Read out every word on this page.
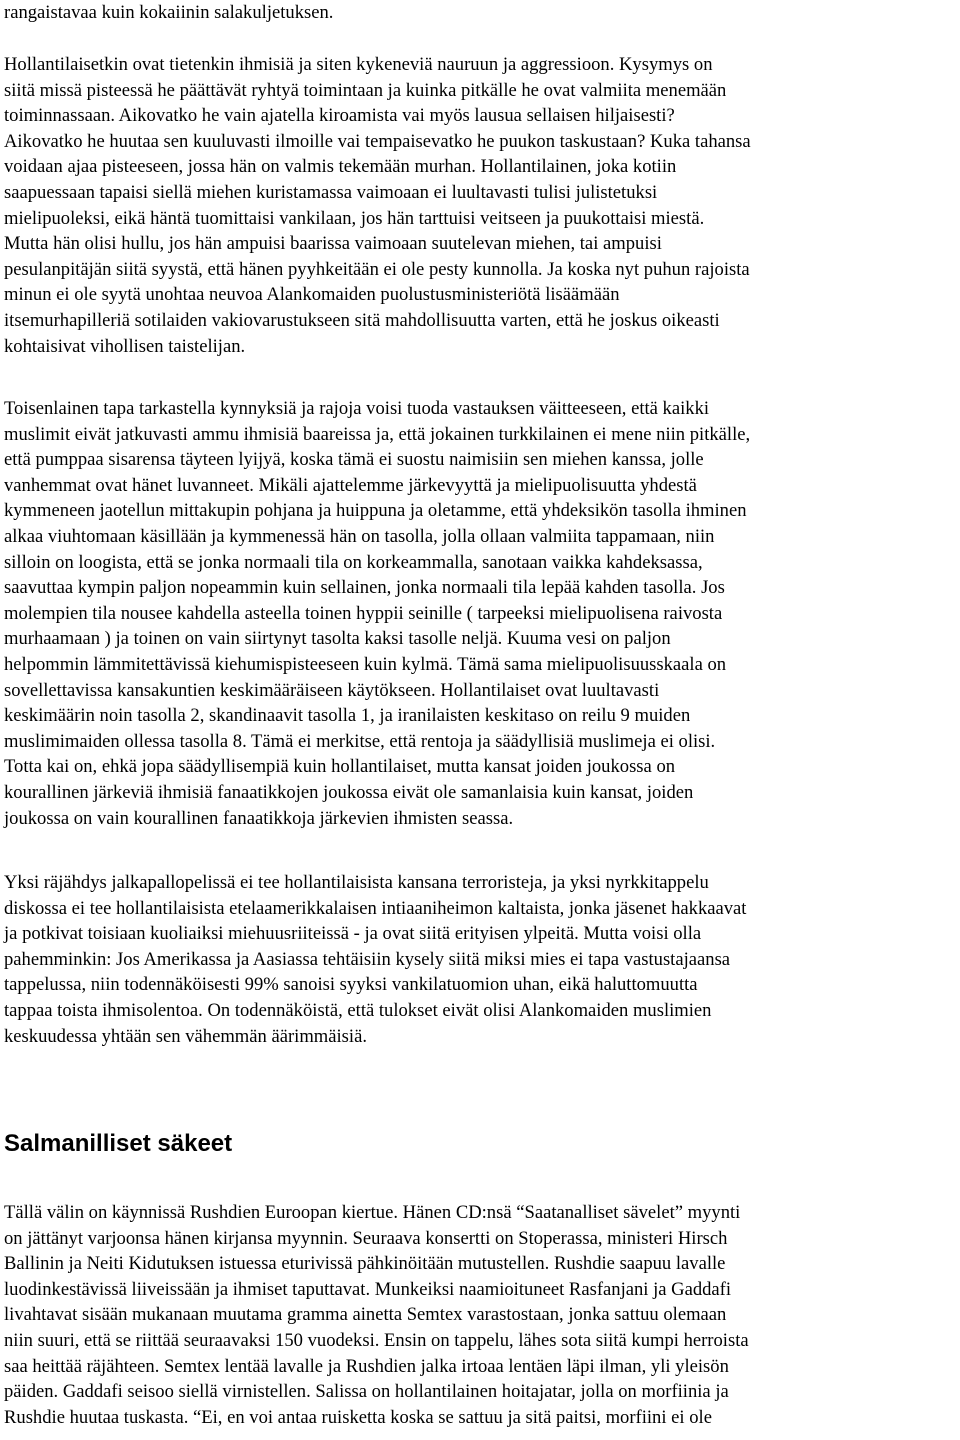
rangaistavaa kuin kokaiinin salakuljetuksen.

Hollantilaisetkin ovat tietenkin ihmisiä ja siten kykeneviä nauruun ja aggressioon. Kysymys on
siitä missä pisteessä he päättävät ryhtyä toimintaan ja kuinka pitkälle he ovat valmiita menemään
toiminnassaan. Aikovatko he vain ajatella kiroamista vai myös lausua sellaisen hiljaisesti?
Aikovatko he huutaa sen kuuluvasti ilmoille vai tempaisevatko he puukon taskustaan? Kuka tahansa
voidaan ajaa pisteeseen, jossa hän on valmis tekemään murhan. Hollantilainen, joka kotiin
saapuessaan tapaisi siellä miehen kuristamassa vaimoaan ei luultavasti tulisi julistetuksi
mielipuoleksi, eikä häntä tuomittaisi vankilaan, jos hän tarttuisi veitseen ja puukottaisi miestä.
Mutta hän olisi hullu, jos hän ampuisi baarissa vaimoaan suutelevan miehen, tai ampuisi
pesulanpitäjän siitä syystä, että hänen pyyhkeitään ei ole pesty kunnolla. Ja koska nyt puhun rajoista
minun ei ole syytä unohtaa neuvoa Alankomaiden puolustusministeriötä lisäämään
itsemurhapilleriä sotilaiden vakiovarustukseen sitä mahdollisuutta varten, että he joskus oikeasti
kohtaisivat vihollisen taistelijan.

Toisenlainen tapa tarkastella kynnyksiä ja rajoja voisi tuoda vastauksen väitteeseen, että kaikki
muslimit eivät jatkuvasti ammu ihmisiä baareissa ja, että jokainen turkkilainen ei mene niin pitkälle,
että pumppaa sisarensa täyteen lyijyä, koska tämä ei suostu naimisiin sen miehen kanssa, jolle
vanhemmat ovat hänet luvanneet. Mikäli ajattelemme järkevyyttä ja mielipuolisuutta yhdestä
kymmeneen jaotellun mittakupin pohjana ja huippuna ja oletamme, että yhdeksikön tasolla ihminen
alkaa viuhtomaan käsillään ja kymmenessä hän on tasolla, jolla ollaan valmiita tappamaan, niin
silloin on loogista, että se jonka normaali tila on korkeammalla, sanotaan vaikka kahdeksassa,
saavuttaa kympin paljon nopeammin kuin sellainen, jonka normaali tila lepää kahden tasolla. Jos
molempien tila nousee kahdella asteella toinen hyppii seinille ( tarpeeksi mielipuolisena raivosta
murhaamaan ) ja toinen on vain siirtynyt tasolta kaksi tasolle neljä. Kuuma vesi on paljon
helpommin lämmitettävissä kiehumispisteeseen kuin kylmä. Tämä sama mielipuolisuusskaala on
sovellettavissa kansakuntien keskimääräiseen käytökseen. Hollantilaiset ovat luultavasti
keskimäärin noin tasolla 2, skandinaavit tasolla 1, ja iranilaisten keskitaso on reilu 9 muiden
muslimimaiden ollessa tasolla 8. Tämä ei merkitse, että rentoja ja säädyllisiä muslimeja ei olisi.
Totta kai on, ehkä jopa säädyllisempiä kuin hollantilaiset, mutta kansat joiden joukossa on
kourallinen järkeviä ihmisiä fanaatikkojen joukossa eivät ole samanlaisia kuin kansat, joiden
joukossa on vain kourallinen fanaatikkoja järkevien ihmisten seassa.

Yksi räjähdys jalkapallopelissä ei tee hollantilaisista kansana terroristeja, ja yksi nyrkkitappelu
diskossa ei tee hollantilaisista etelaamerikkalaisen intiaaniheimon kaltaista, jonka jäsenet hakkaavat
ja potkivat toisiaan kuoliaiksi miehuusriiteissä - ja ovat siitä erityisen ylpeitä. Mutta voisi olla
pahemminkin: Jos Amerikassa ja Aasiassa tehtäisiin kysely siitä miksi mies ei tapa vastustajaansa
tappelussa, niin todennäköisesti 99% sanoisi syyksi vankilatuomion uhan, eikä haluttomuutta
tappaa toista ihmisolentoa. On todennäköistä, että tulokset eivät olisi Alankomaiden muslimien
keskuudessa yhtään sen vähemmän äärimmäisiä.

Salmanilliset säkeet

Tällä välin on käynnissä Rushdien Euroopan kiertue. Hänen CD:nsä “Saatanalliset sävelet” myynti
on jättänyt varjoonsa hänen kirjansa myynnin. Seuraava konsertti on Stoperassa, ministeri Hirsch
Ballinin ja Neiti Kidutuksen istuessa eturivissä pähkinöitään mutustellen. Rushdie saapuu lavalle
luodinkestävissä liiveissään ja ihmiset taputtavat. Munkeiksi naamioituneet Rasfanjani ja Gaddafi
livahtavat sisään mukanaan muutama gramma ainetta Semtex varastostaan, jonka sattuu olemaan
niin suuri, että se riittää seuraavaksi 150 vuodeksi. Ensin on tappelu, lähes sota siitä kumpi herroista
saa heittää räjähteen. Semtex lentää lavalle ja Rushdien jalka irtoaa lentäen läpi ilman, yli yleisön
päiden. Gaddafi seisoo siellä virnistellen. Salissa on hollantilainen hoitajatar, jolla on morfiinia ja
Rushdie huutaa tuskasta. “Ei, en voi antaa ruisketta koska se sattuu ja sitä paitsi, morfiini ei ole
